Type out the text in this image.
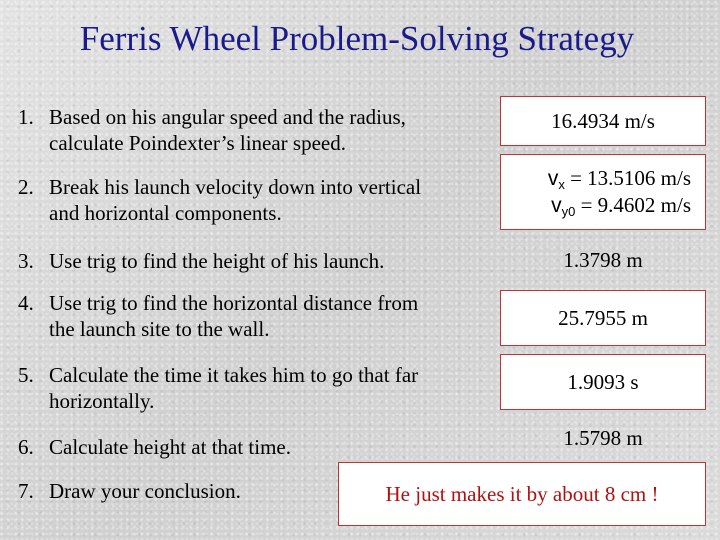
Ferris Wheel Problem-Solving Strategy
1. Based on his angular speed and the radius,
calculate Poindexter’s linear speed.
2. Break his launch velocity down into vertical
and horizontal components.
3. Use trig to find the height of his launch.
4. Use trig to find the horizontal distance from
the launch site to the wall.
5. Calculate the time it takes him to go that far
horizontally.
6. Calculate height at that time.
7. Draw your conclusion.
16.4934 m/s
$v_x = 13.5106$ m/s
$v_{y0} = 9.4602$ m/s
1.3798 m
25.7955 m
1.9093 s
1.5798 m
He just makes it by about 8 cm !
